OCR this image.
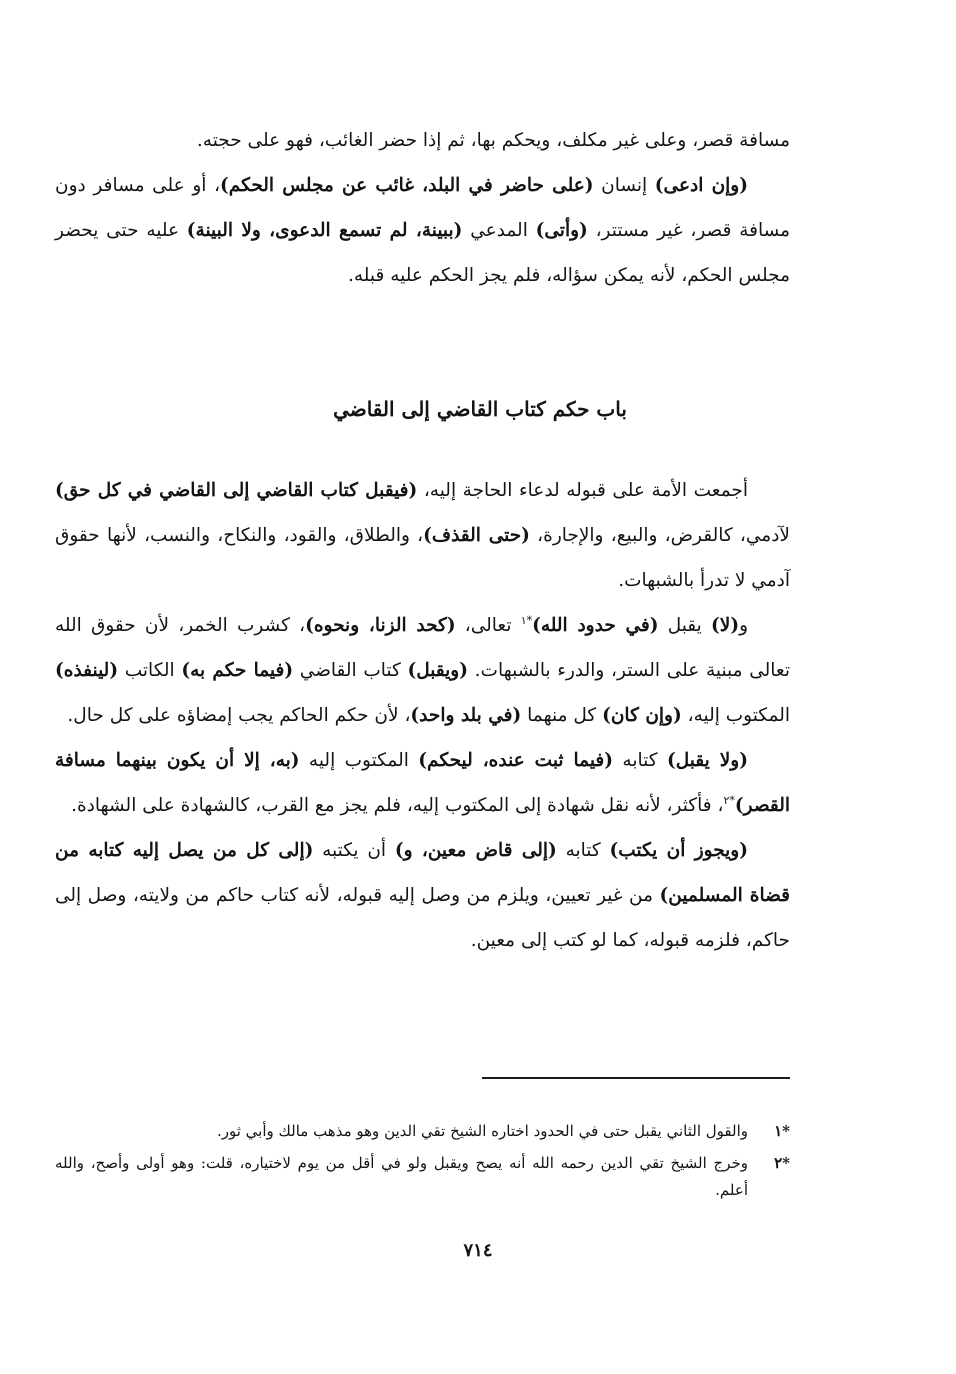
مسافة قصر، وعلى غير مكلف، ويحكم بها، ثم إذا حضر الغائب، فهو على حجته.

(وإن ادعى) إنسان (على حاضر في البلد، غائب عن مجلس الحكم)، أو على مسافر دون مسافة قصر، غير مستتر، (وأتى) المدعي (ببينة، لم تسمع الدعوى، ولا البينة) عليه حتى يحضر مجلس الحكم، لأنه يمكن سؤاله، فلم يجز الحكم عليه قبله.

باب حكم كتاب القاضي إلى القاضي

أجمعت الأمة على قبوله لدعاء الحاجة إليه، (فيقبل كتاب القاضي إلى القاضي في كل حق) لآدمي، كالقرض، والبيع، والإجارة، (حتى القذف)، والطلاق، والقود، والنكاح، والنسب، لأنها حقوق آدمي لا تدرأ بالشبهات.

و(لا) يقبل (في حدود الله)$^{*١}$ تعالى، (كحد الزنا، ونحوه)، كشرب الخمر، لأن حقوق الله تعالى مبنية على الستر، والدرء بالشبهات. (ويقبل) كتاب القاضي (فيما حكم به) الكاتب (لينفذه) المكتوب إليه، (وإن كان) كل منهما (في بلد واحد)، لأن حكم الحاكم يجب إمضاؤه على كل حال.

(ولا يقبل) كتابه (فيما ثبت عنده، ليحكم) المكتوب إليه (به، إلا أن يكون بينهما مسافة القصر)$^{*٢}$، فأكثر، لأنه نقل شهادة إلى المكتوب إليه، فلم يجز مع القرب، كالشهادة على الشهادة.

(ويجوز أن يكتب) كتابه (إلى قاض معين، و) أن يكتبه (إلى كل من يصل إليه كتابه من قضاة المسلمين) من غير تعيين، ويلزم من وصل إليه قبوله، لأنه كتاب حاكم من ولايته، وصل إلى حاكم، فلزمه قبوله، كما لو كتب إلى معين.

*١
والقول الثاني يقبل حتى في الحدود اختاره الشيخ تقي الدين وهو مذهب مالك وأبي ثور.
*٢
وخرج الشيخ تقي الدين رحمه الله أنه يصح ويقبل ولو في أقل من يوم لاختياره، قلت: وهو أولى وأصح، والله أعلم.
٧١٤
